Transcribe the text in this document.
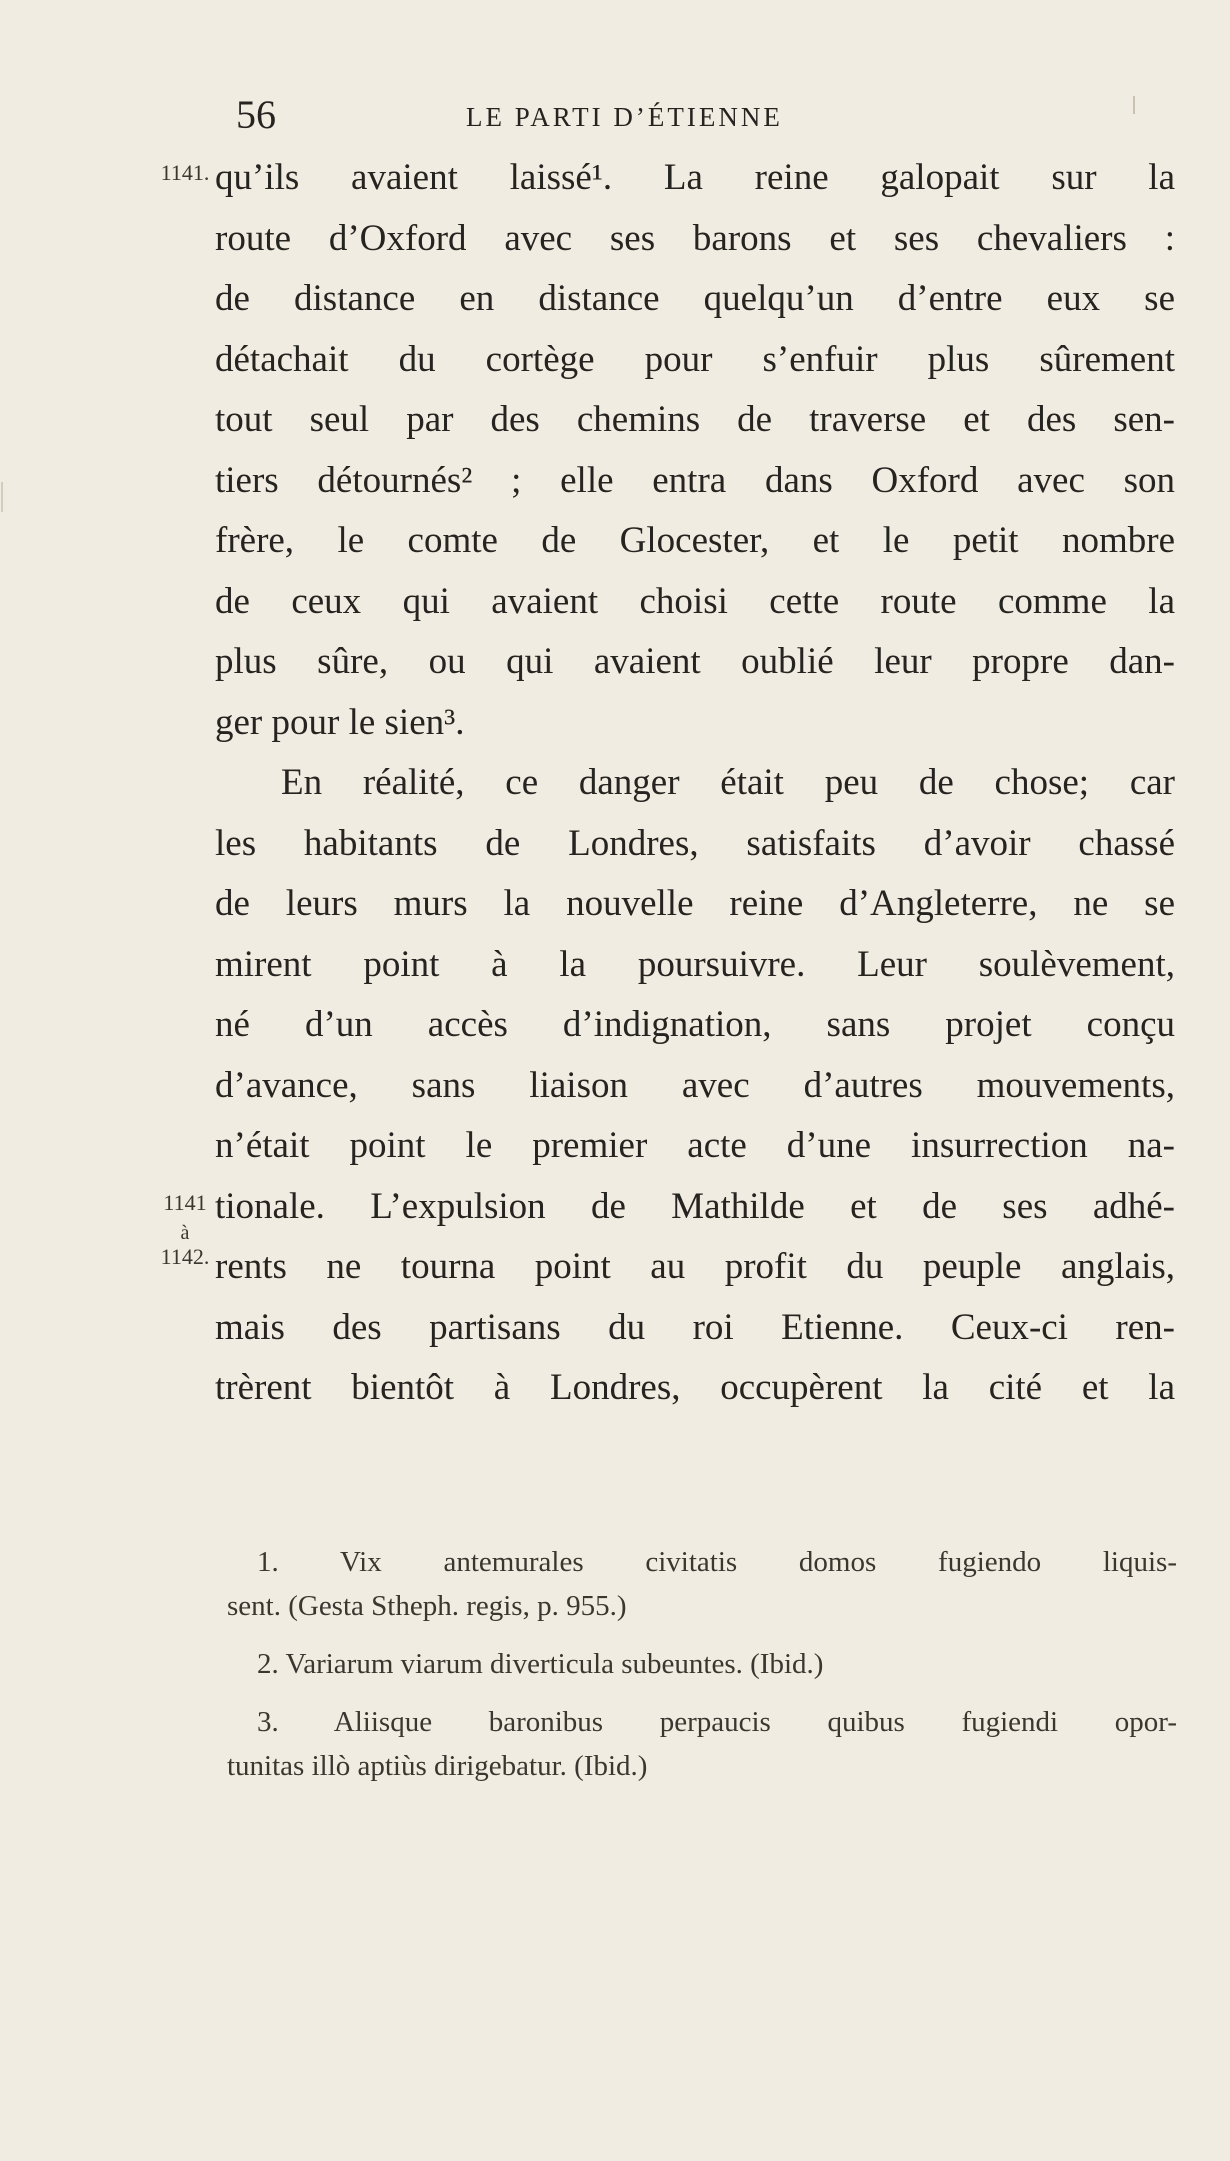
56	LE PARTI D’ÉTIENNE
1141.
1141
à
1142.
qu’ils avaient laissé¹. La reine galopait sur la
route d’Oxford avec ses barons et ses chevaliers :
de distance en distance quelqu’un d’entre eux se
détachait du cortège pour s’enfuir plus sûrement
tout seul par des chemins de traverse et des sen-
tiers détournés² ; elle entra dans Oxford avec son
frère, le comte de Glocester, et le petit nombre
de ceux qui avaient choisi cette route comme la
plus sûre, ou qui avaient oublié leur propre dan-
ger pour le sien³.
En réalité, ce danger était peu de chose; car
les habitants de Londres, satisfaits d’avoir chassé
de leurs murs la nouvelle reine d’Angleterre, ne se
mirent point à la poursuivre. Leur soulèvement,
né d’un accès d’indignation, sans projet conçu
d’avance, sans liaison avec d’autres mouvements,
n’était point le premier acte d’une insurrection na-
tionale. L’expulsion de Mathilde et de ses adhé-
rents ne tourna point au profit du peuple anglais,
mais des partisans du roi Etienne. Ceux-ci ren-
trèrent bientôt à Londres, occupèrent la cité et la
1. Vix antemurales civitatis domos fugiendo liquis-
sent. (Gesta Stheph. regis, p. 955.)
2. Variarum viarum diverticula subeuntes. (Ibid.)
3. Aliisque baronibus perpaucis quibus fugiendi opor-
tunitas illò aptiùs dirigebatur. (Ibid.)
